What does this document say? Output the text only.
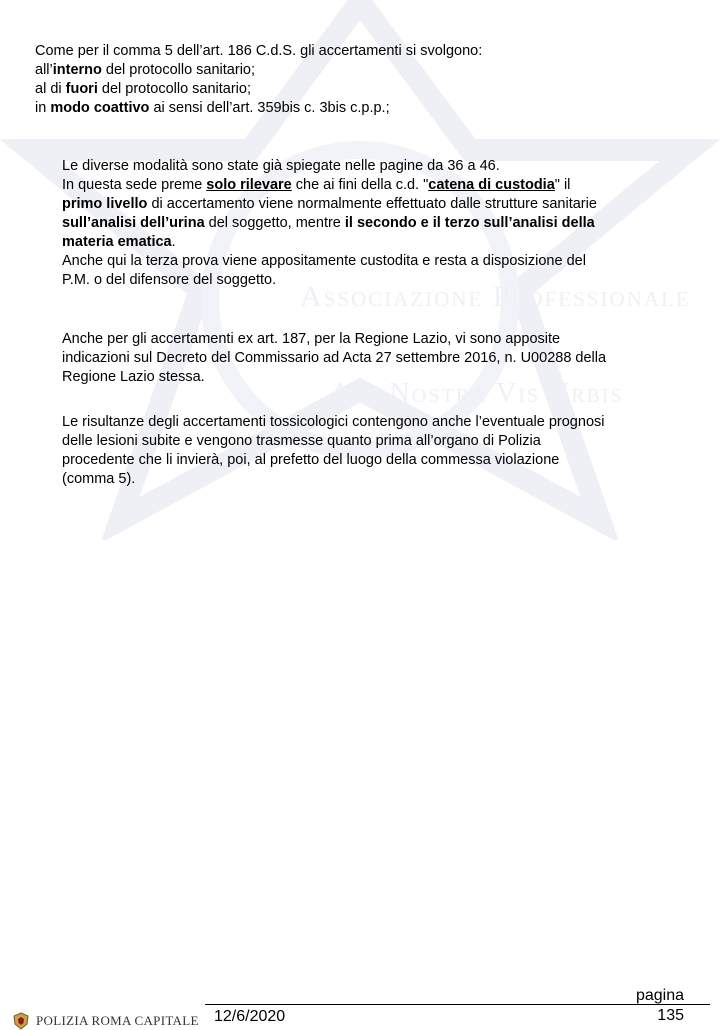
Associazione Professionale
Ars Nostra Vis Urbis
Come per il comma 5 dell’art. 186 C.d.S. gli accertamenti si svolgono:
all’interno del protocollo sanitario;
al di fuori del protocollo sanitario;
in modo coattivo ai sensi dell’art. 359bis c. 3bis c.p.p.;
Le diverse modalità sono state già spiegate nelle pagine da 36 a 46.
In questa sede preme solo rilevare che ai fini della c.d. "catena di custodia" il
primo livello di accertamento viene normalmente effettuato dalle strutture sanitarie
sull’analisi dell’urina del soggetto, mentre il secondo e il terzo sull’analisi della
materia ematica.
Anche qui la terza prova viene appositamente custodita e resta a disposizione del
P.M. o del difensore del soggetto.
Anche per gli accertamenti ex art. 187, per la Regione Lazio, vi sono apposite
indicazioni sul Decreto del Commissario ad Acta 27 settembre 2016, n. U00288 della
Regione Lazio stessa.
Le risultanze degli accertamenti tossicologici contengono anche l’eventuale prognosi
delle lesioni subite e vengono trasmesse quanto prima all’organo di Polizia
procedente che li invierà, poi, al prefetto del luogo della commessa violazione
(comma 5).
POLIZIA ROMA CAPITALE 12/6/2020
pagina
135
